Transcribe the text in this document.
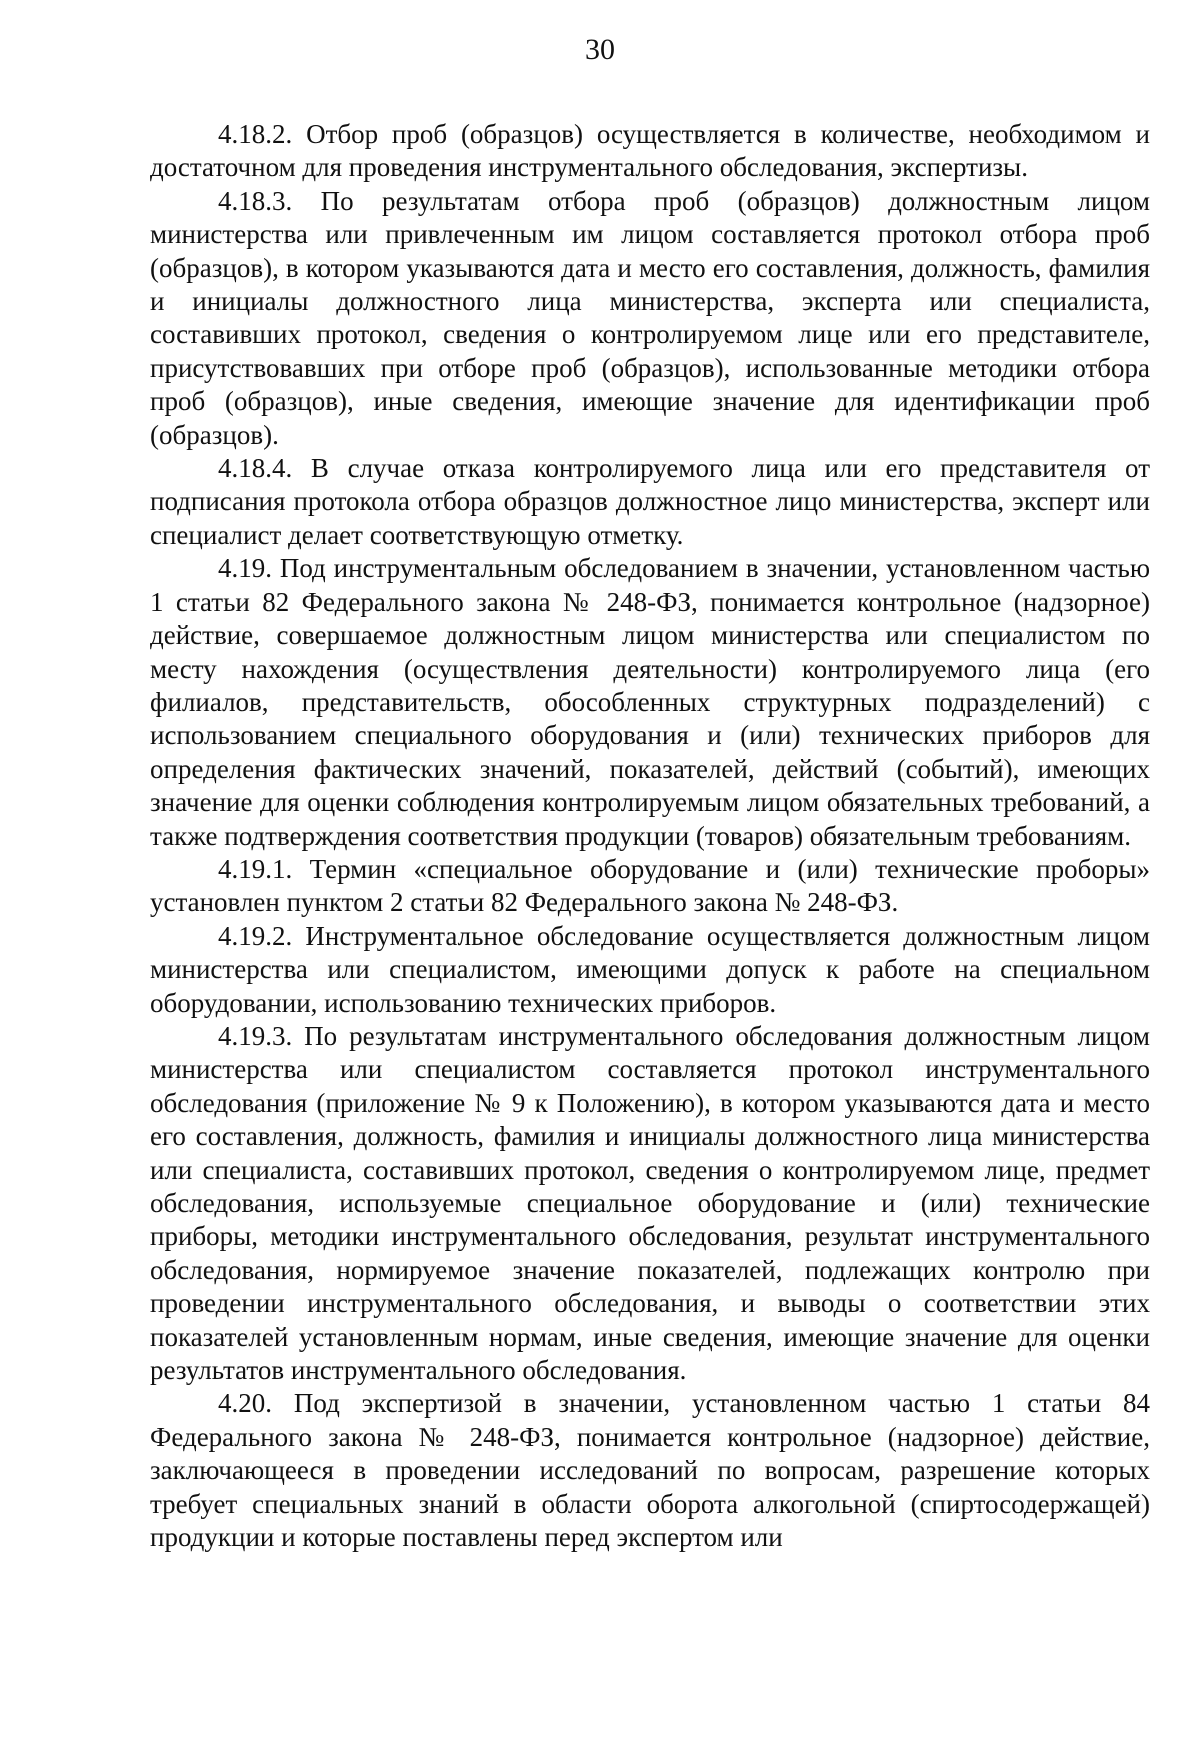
30

4.18.2. Отбор проб (образцов) осуществляется в количестве, необходимом и достаточном для проведения инструментального обследования, экспертизы.

4.18.3. По результатам отбора проб (образцов) должностным лицом министерства или привлеченным им лицом составляется протокол отбора проб (образцов), в котором указываются дата и место его составления, должность, фамилия и инициалы должностного лица министерства, эксперта или специалиста, составивших протокол, сведения о контролируемом лице или его представителе, присутствовавших при отборе проб (образцов), использованные методики отбора проб (образцов), иные сведения, имеющие значение для идентификации проб (образцов).

4.18.4. В случае отказа контролируемого лица или его представителя от подписания протокола отбора образцов должностное лицо министерства, эксперт или специалист делает соответствующую отметку.

4.19. Под инструментальным обследованием в значении, установленном частью 1 статьи 82 Федерального закона № 248-ФЗ, понимается контрольное (надзорное) действие, совершаемое должностным лицом министерства или специалистом по месту нахождения (осуществления деятельности) контролируемого лица (его филиалов, представительств, обособленных структурных подразделений) с использованием специального оборудования и (или) технических приборов для определения фактических значений, показателей, действий (событий), имеющих значение для оценки соблюдения контролируемым лицом обязательных требований, а также подтверждения соответствия продукции (товаров) обязательным требованиям.

4.19.1. Термин «специальное оборудование и (или) технические проборы» установлен пунктом 2 статьи 82 Федерального закона № 248-ФЗ.

4.19.2. Инструментальное обследование осуществляется должностным лицом министерства или специалистом, имеющими допуск к работе на специальном оборудовании, использованию технических приборов.

4.19.3. По результатам инструментального обследования должностным лицом министерства или специалистом составляется протокол инструментального обследования (приложение № 9 к Положению), в котором указываются дата и место его составления, должность, фамилия и инициалы должностного лица министерства или специалиста, составивших протокол, сведения о контролируемом лице, предмет обследования, используемые специальное оборудование и (или) технические приборы, методики инструментального обследования, результат инструментального обследования, нормируемое значение показателей, подлежащих контролю при проведении инструментального обследования, и выводы о соответствии этих показателей установленным нормам, иные сведения, имеющие значение для оценки результатов инструментального обследования.

4.20. Под экспертизой в значении, установленном частью 1 статьи 84 Федерального закона № 248-ФЗ, понимается контрольное (надзорное) действие, заключающееся в проведении исследований по вопросам, разрешение которых требует специальных знаний в области оборота алкогольной (спиртосодержащей) продукции и которые поставлены перед экспертом или
